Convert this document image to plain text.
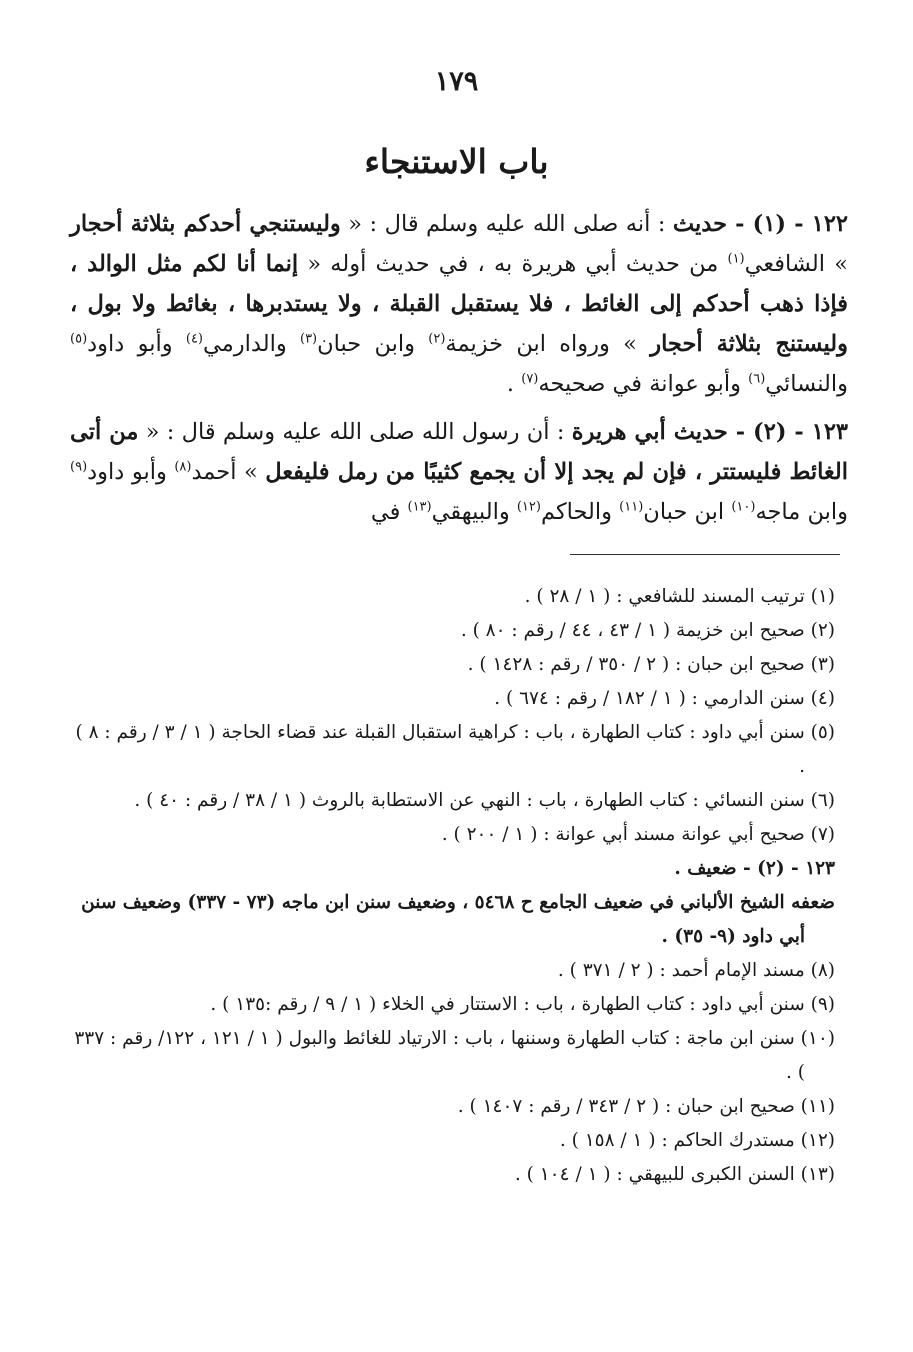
١٧٩
باب الاستنجاء

١٢٢ - (١) - حديث : أنه صلى الله عليه وسلم قال : « وليستنجي أحدكم بثلاثة أحجار » الشافعي$^{(١)}$ من حديث أبي هريرة به ، في حديث أوله « إنما أنا لكم مثل الوالد ، فإذا ذهب أحدكم إلى الغائط ، فلا يستقبل القبلة ، ولا يستدبرها ، بغائط ولا بول ، وليستنج بثلاثة أحجار » ورواه ابن خزيمة$^{(٢)}$ وابن حبان$^{(٣)}$ والدارمي$^{(٤)}$ وأبو داود$^{(٥)}$ والنسائي$^{(٦)}$ وأبو عوانة في صحيحه$^{(٧)}$ .

١٢٣ - (٢) - حديث أبي هريرة : أن رسول الله صلى الله عليه وسلم قال : « من أتى الغائط فليستتر ، فإن لم يجد إلا أن يجمع كثيبًا من رمل فليفعل » أحمد$^{(٨)}$ وأبو داود$^{(٩)}$ وابن ماجه$^{(١٠)}$ ابن حبان$^{(١١)}$ والحاكم$^{(١٢)}$ والبيهقي$^{(١٣)}$ في

(١) ترتيب المسند للشافعي : ( ١ / ٢٨ ) .

(٢) صحيح ابن خزيمة ( ١ / ٤٣ ، ٤٤ / رقم : ٨٠ ) .

(٣) صحيح ابن حبان : ( ٢ / ٣٥٠ / رقم : ١٤٢٨ ) .

(٤) سنن الدارمي : ( ١ / ١٨٢ / رقم : ٦٧٤ ) .

(٥) سنن أبي داود : كتاب الطهارة ، باب : كراهية استقبال القبلة عند قضاء الحاجة ( ١ / ٣ / رقم : ٨ ) .

(٦) سنن النسائي : كتاب الطهارة ، باب : النهي عن الاستطابة بالروث ( ١ / ٣٨ / رقم : ٤٠ ) .

(٧) صحيح أبي عوانة مسند أبي عوانة : ( ١ / ٢٠٠ ) .

١٢٣ - (٢) - ضعيف .

ضعفه الشيخ الألباني في ضعيف الجامع ح ٥٤٦٨ ، وضعيف سنن ابن ماجه (٧٣ - ٣٣٧) وضعيف سنن أبي داود (٩- ٣٥) .

(٨) مسند الإمام أحمد : ( ٢ / ٣٧١ ) .

(٩) سنن أبي داود : كتاب الطهارة ، باب : الاستتار في الخلاء ( ١ / ٩ / رقم :١٣٥ ) .

(١٠) سنن ابن ماجة : كتاب الطهارة وسننها ، باب : الارتياد للغائط والبول ( ١ / ١٢١ ، ١٢٢/ رقم : ٣٣٧ ) .

(١١) صحيح ابن حبان : ( ٢ / ٣٤٣ / رقم : ١٤٠٧ ) .

(١٢) مستدرك الحاكم : ( ١ / ١٥٨ ) .

(١٣) السنن الكبرى للبيهقي : ( ١ / ١٠٤ ) .
